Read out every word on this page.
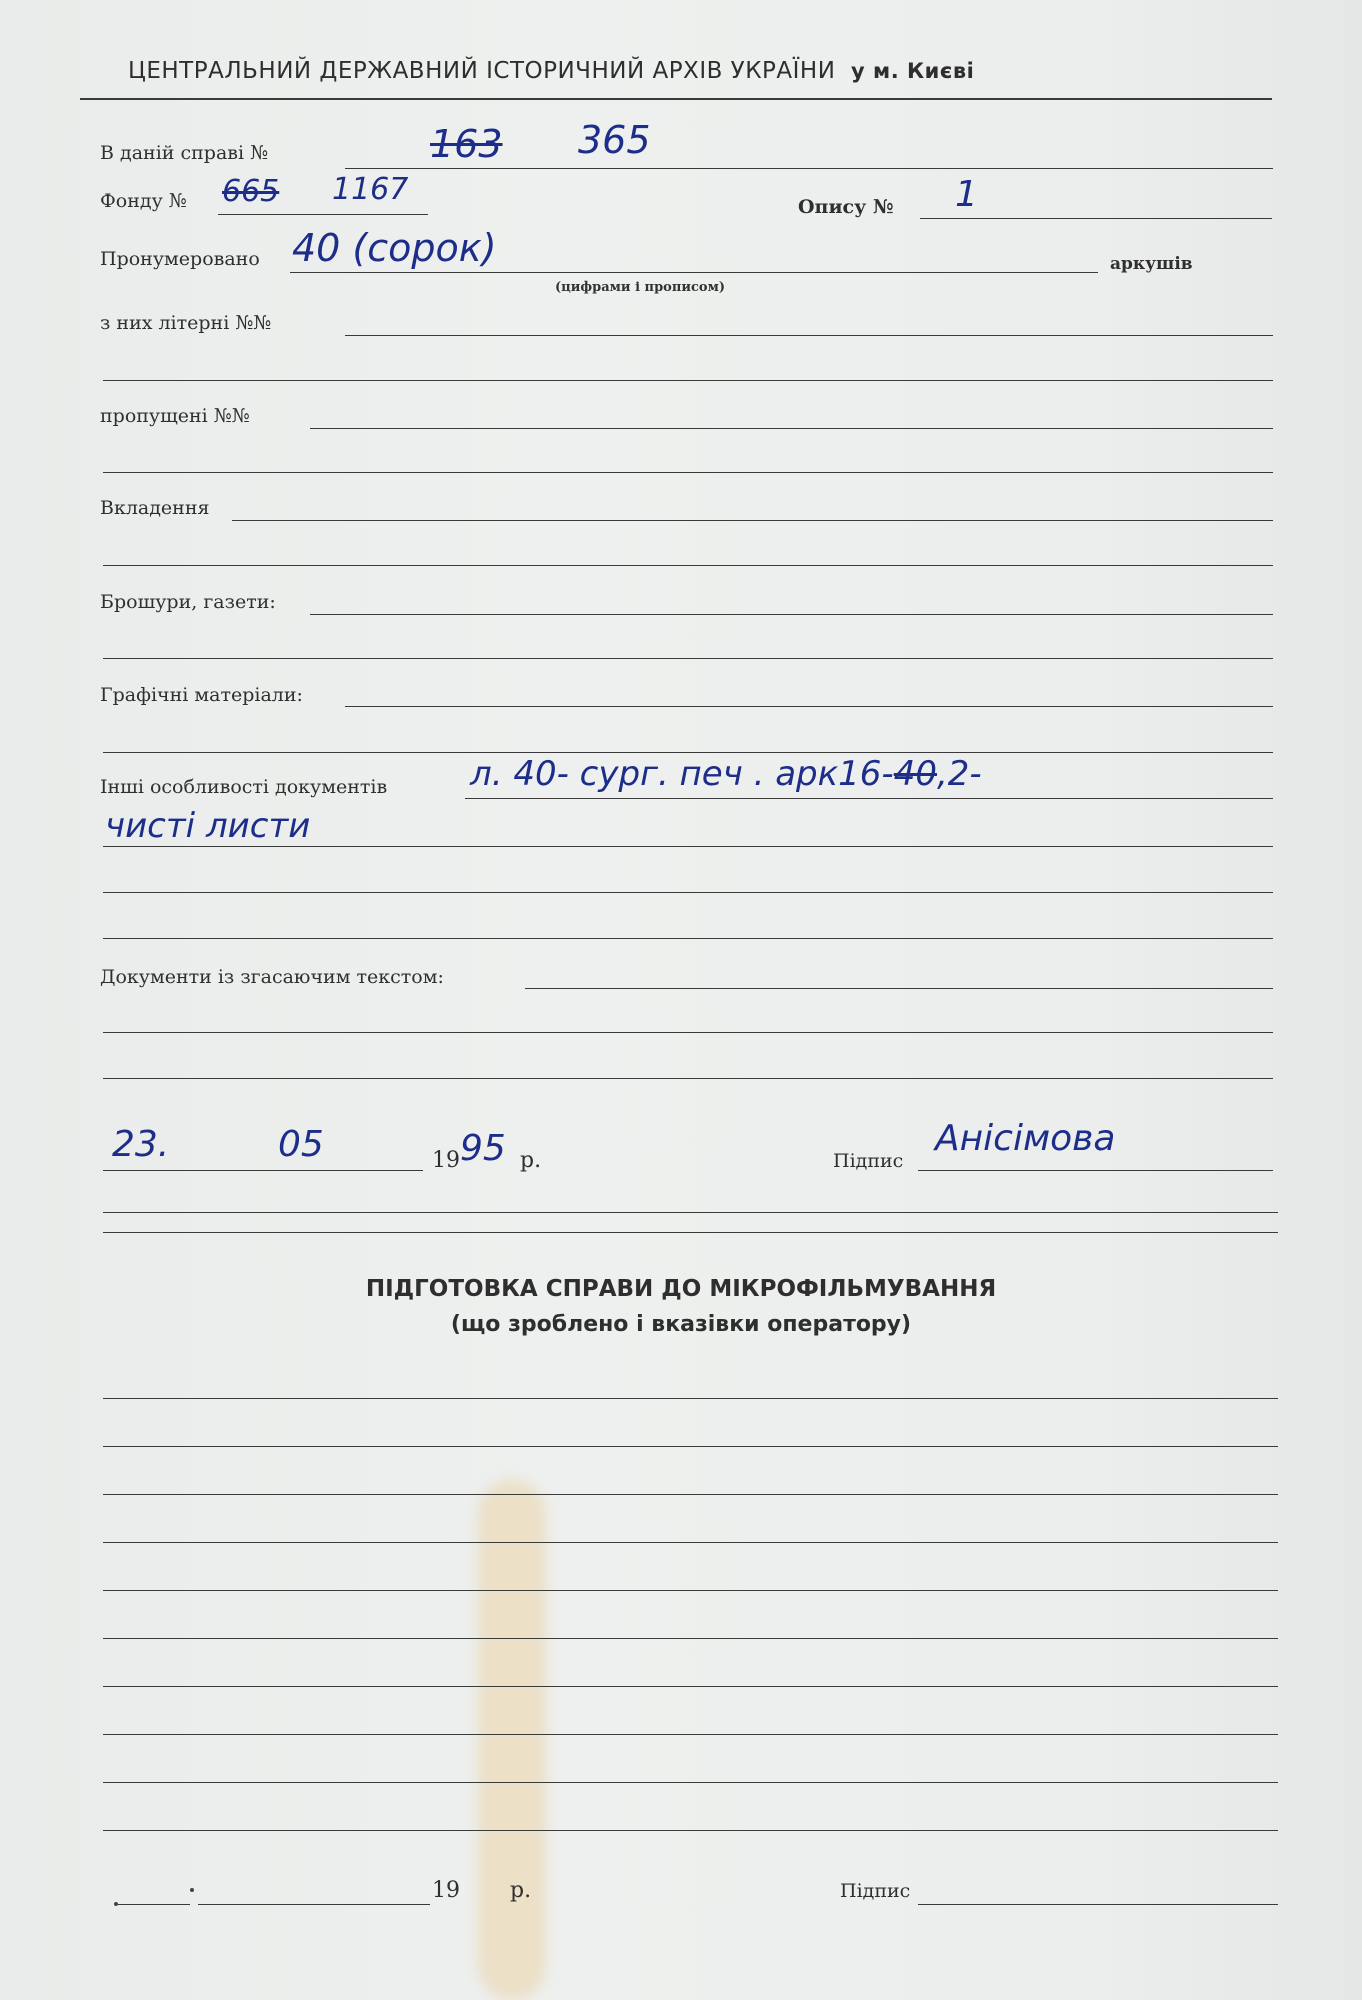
ЦЕНТРАЛЬНИЙ ДЕРЖАВНИЙ ІСТОРИЧНИЙ АРХІВ УКРАЇНИ у м. Києві
В даній справі №	163 365
Фонду № 665 1167	Опису № 1
Пронумеровано 40 (сорок)
(цифрами і прописом)
аркушів
з них літерні №№
пропущені №№
Вкладення
Брошури, газети:
Графічні матеріали:
Інші особливості документів л. 40- сург. печ . арк16-40,2-
чисті листи
Документи із згасаючим текстом:
23.	05	19 95 р.	Підпис
Анісімова
ПІДГОТОВКА СПРАВИ ДО МІКРОФІЛЬМУВАННЯ
(що зроблено і вказівки оператору)
19 р.	Підпис
